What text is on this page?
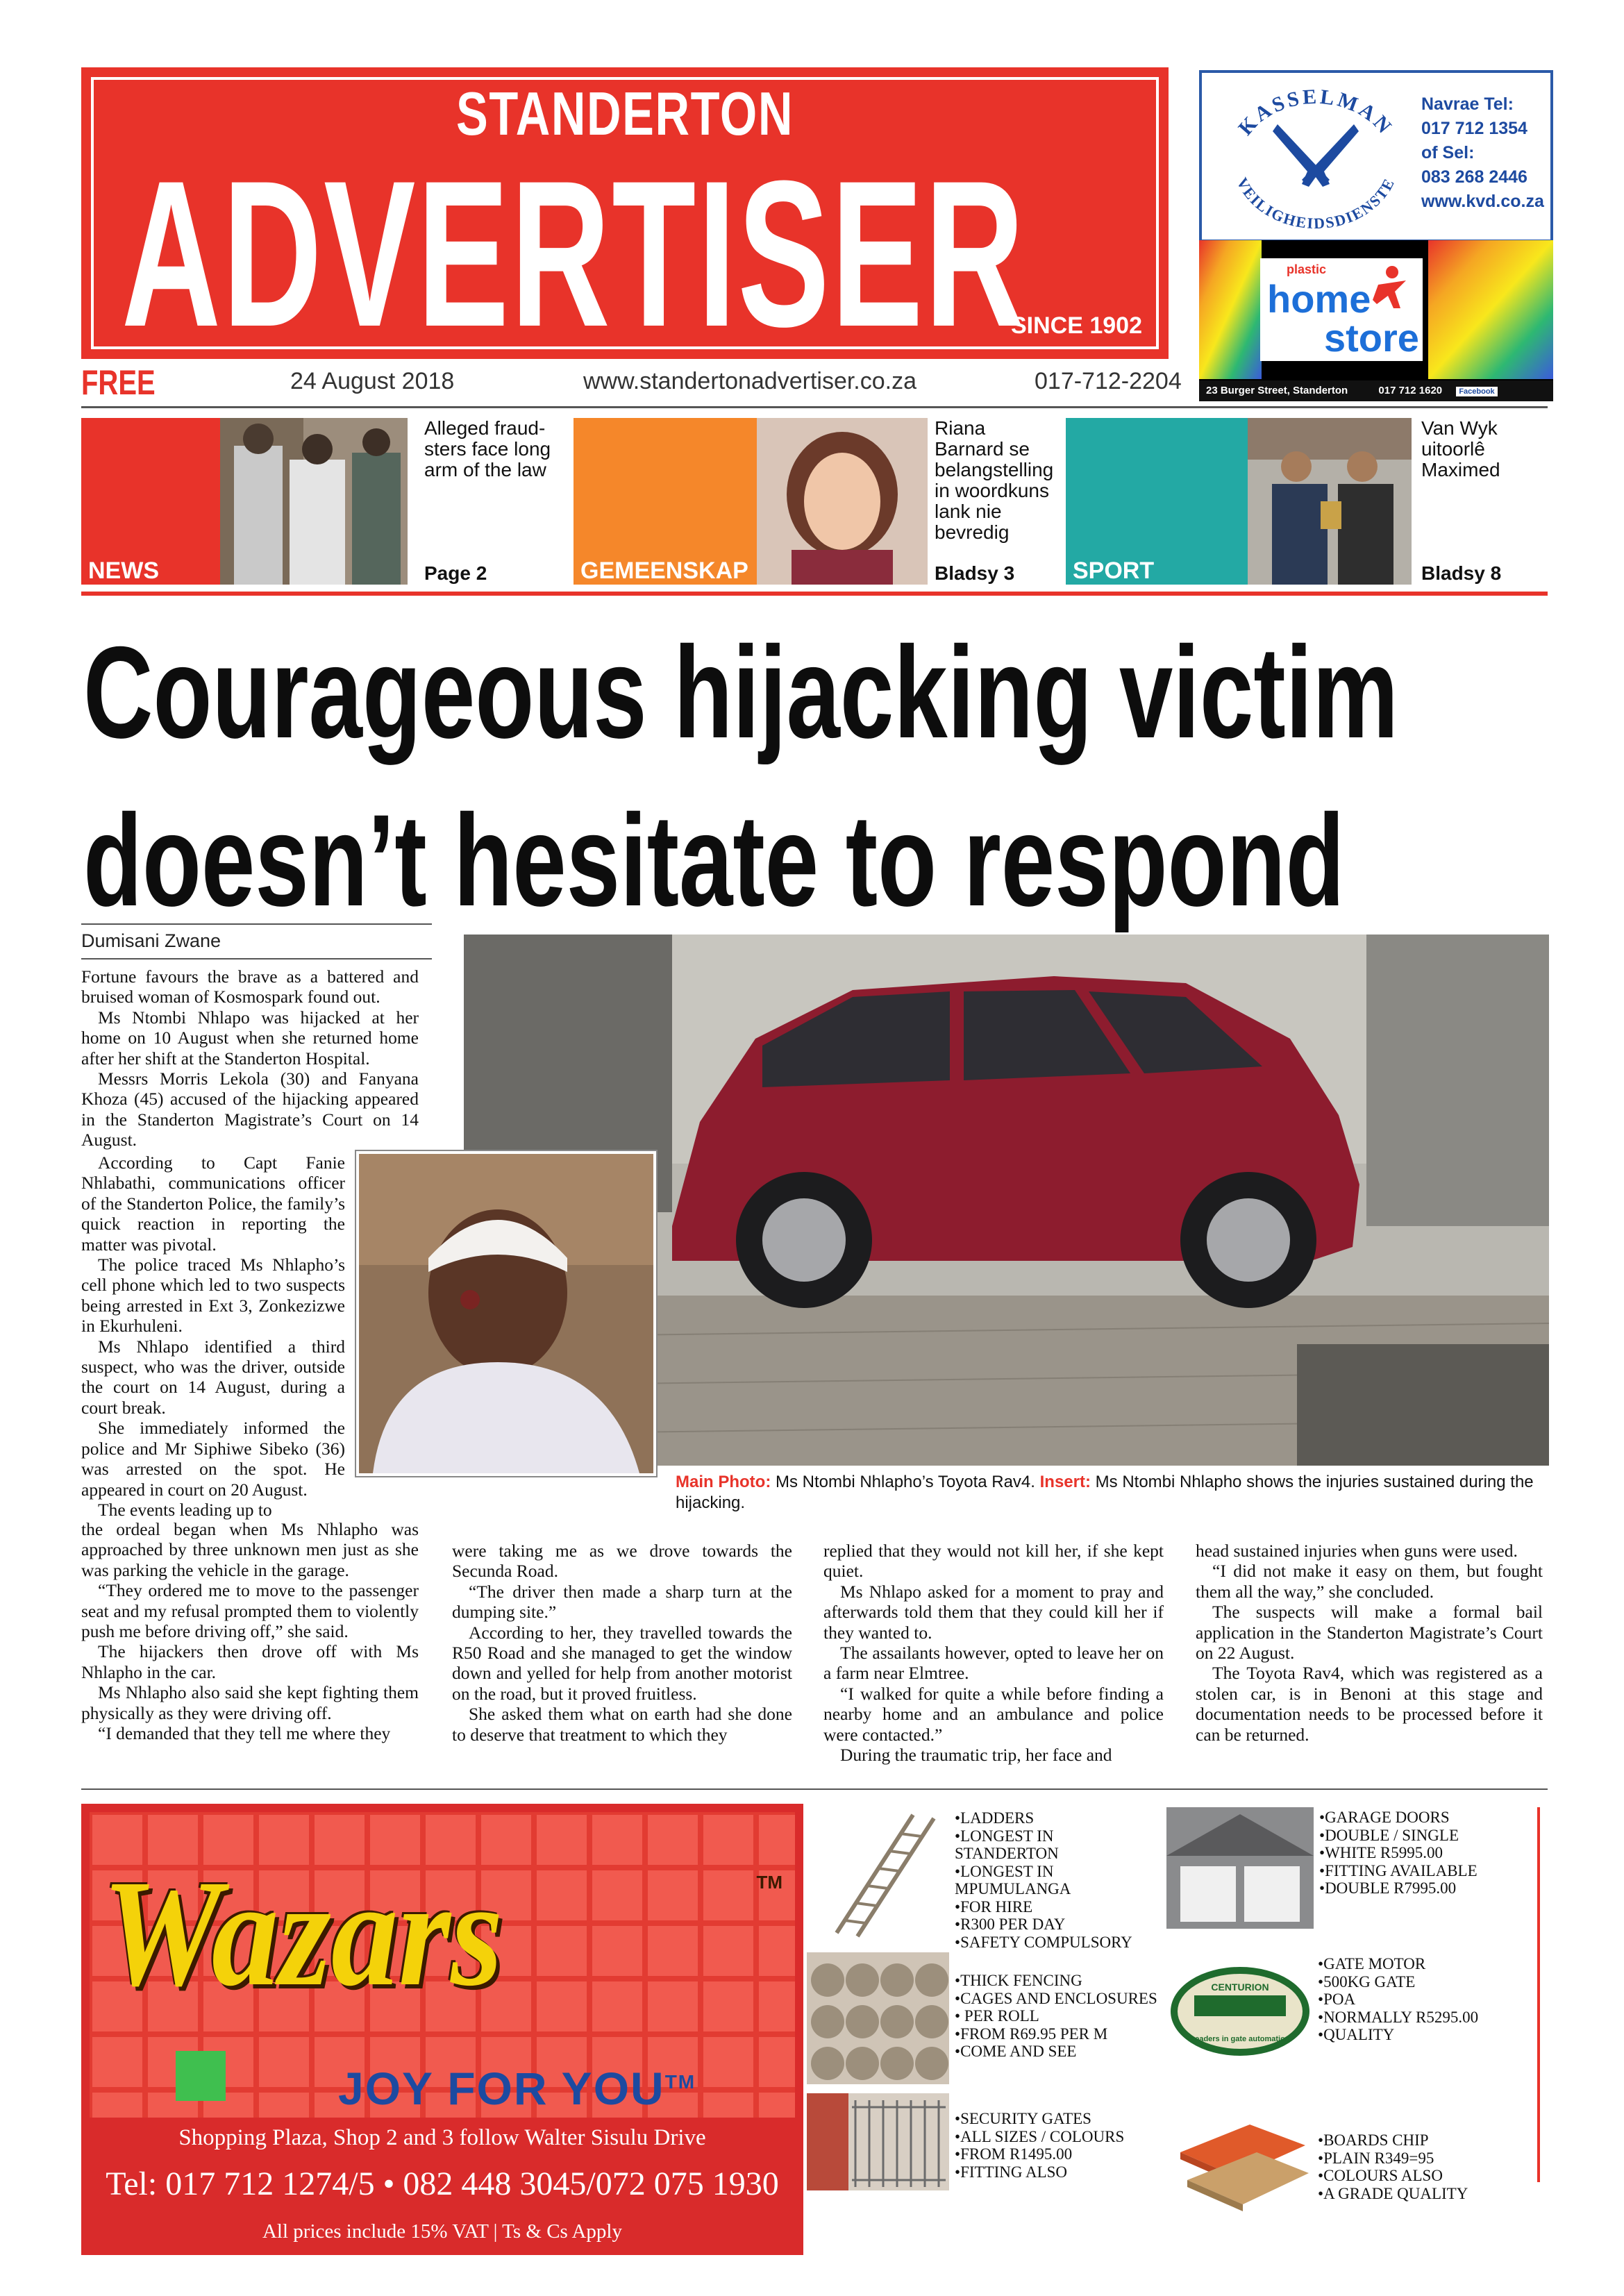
STANDERTON
ADVERTISER
SINCE 1902
FREE	24 August 2018	www.standertonadvertiser.co.za	017-712-2204
KASSELMAN
VEILIGHEIDSDIENSTE
Navrae Tel:
017 712 1354
of Sel:
083 268 2446
www.kvd.co.za
plastic
home
store
23 Burger Street, Standerton	017 712 1620 Facebook
NEWS
Alleged fraud-sters face long arm of the law
Page 2	GEMEENSKAP
Riana Barnard se belangstelling in woordkuns lank nie bevredig
Bladsy 3 SPORT
Van Wyk uitoorlê Maximed
Bladsy 8
Courageous hijacking victim
doesn’t hesitate to respond
Dumisani Zwane

Fortune favours the brave as a battered and bruised woman of Kosmospark found out.

Ms Ntombi Nhlapo was hijacked at her home on 10 August when she returned home after her shift at the Standerton Hospital.

Messrs Morris Lekola (30) and Fanyana Khoza (45) accused of the hijacking appeared in the Standerton Magistrate’s Court on 14 August.

According to Capt Fanie Nhlabathi, communications officer of the Standerton Police, the family’s quick reaction in reporting the matter was pivotal.

The police traced Ms Nhlapho’s cell phone which led to two suspects being arrested in Ext 3, Zonkezizwe in Ekurhuleni.

Ms Nhlapo identified a third suspect, who was the driver, outside the court on 14 August, during a court break.

She immediately informed the police and Mr Siphiwe Sibeko (36) was arrested on the spot. He appeared in court on 20 August.

The events leading up to

the ordeal began when Ms Nhlapho was approached by three unknown men just as she was parking the vehicle in the garage.

“They ordered me to move to the passenger seat and my refusal prompted them to violently push me before driving off,” she said.

The hijackers then drove off with Ms Nhlapho in the car.

Ms Nhlapho also said she kept fighting them physically as they were driving off.

“I demanded that they tell me where they

were taking me as we drove towards the Secunda Road.

“The driver then made a sharp turn at the dumping site.”

According to her, they travelled towards the R50 Road and she managed to get the window down and yelled for help from another motorist on the road, but it proved fruitless.

She asked them what on earth had she done to deserve that treatment to which they

replied that they would not kill her, if she kept quiet.

Ms Nhlapo asked for a moment to pray and afterwards told them that they could kill her if they wanted to.

The assailants however, opted to leave her on a farm near Elmtree.

“I walked for quite a while before finding a nearby home and an ambulance and police were contacted.”

During the traumatic trip, her face and

head sustained injuries when guns were used.

“I did not make it easy on them, but fought them all the way,” she concluded.

The suspects will make a formal bail application in the Standerton Magistrate’s Court on 22 August.

The Toyota Rav4, which was registered as a stolen car, is in Benoni at this stage and documentation needs to be processed before it can be returned.

Main Photo: Ms Ntombi Nhlapho’s Toyota Rav4. Insert: Ms Ntombi Nhlapho shows the injuries sustained during the hijacking.
Wazars	TM
JOY FOR YOU™
Shopping Plaza, Shop 2 and 3 follow Walter Sisulu Drive
Tel: 017 712 1274/5 • 082 448 3045/072 075 1930
All prices include 15% VAT | Ts & Cs Apply
• LADDERS
• LONGEST IN STANDERTON
• LONGEST IN MPUMULANGA
• FOR HIRE
• R300 PER DAY
• SAFETY COMPULSORY
• GARAGE DOORS
• DOUBLE / SINGLE
• WHITE R5995.00
• FITTING AVAILABLE
• DOUBLE R7995.00
• THICK FENCING
• CAGES AND ENCLOSURES
• PER ROLL
• FROM R69.95 PER M
• COME AND SEE
CENTURION
Leaders in gate automation
• GATE MOTOR
• 500KG GATE
• POA
• NORMALLY R5295.00
• QUALITY
• SECURITY GATES
• ALL SIZES / COLOURS
• FROM R1495.00
• FITTING ALSO
• BOARDS CHIP
• PLAIN R349=95
• COLOURS ALSO
• A GRADE QUALITY
